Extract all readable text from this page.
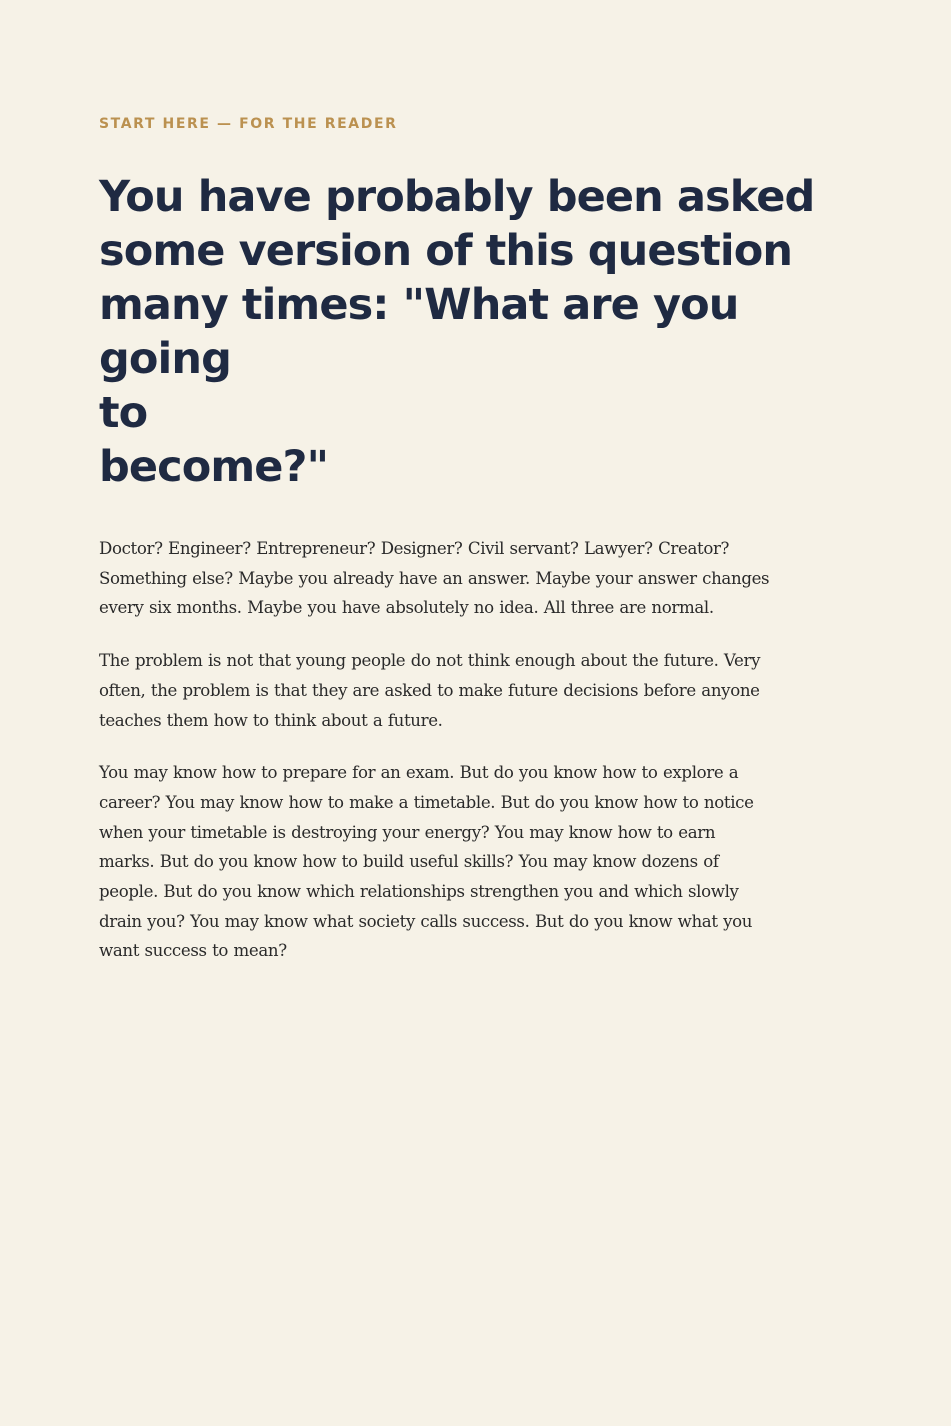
START HERE — FOR THE READER

You have probably been asked
some version of this question
many times: "What are you going
to
become?"

Doctor? Engineer? Entrepreneur? Designer? Civil servant? Lawyer? Creator?
Something else? Maybe you already have an answer. Maybe your answer changes
every six months. Maybe you have absolutely no idea. All three are normal.

The problem is not that young people do not think enough about the future. Very
often, the problem is that they are asked to make future decisions before anyone
teaches them how to think about a future.

You may know how to prepare for an exam. But do you know how to explore a
career? You may know how to make a timetable. But do you know how to notice
when your timetable is destroying your energy? You may know how to earn
marks. But do you know how to build useful skills? You may know dozens of
people. But do you know which relationships strengthen you and which slowly
drain you? You may know what society calls success. But do you know what you
want success to mean?
